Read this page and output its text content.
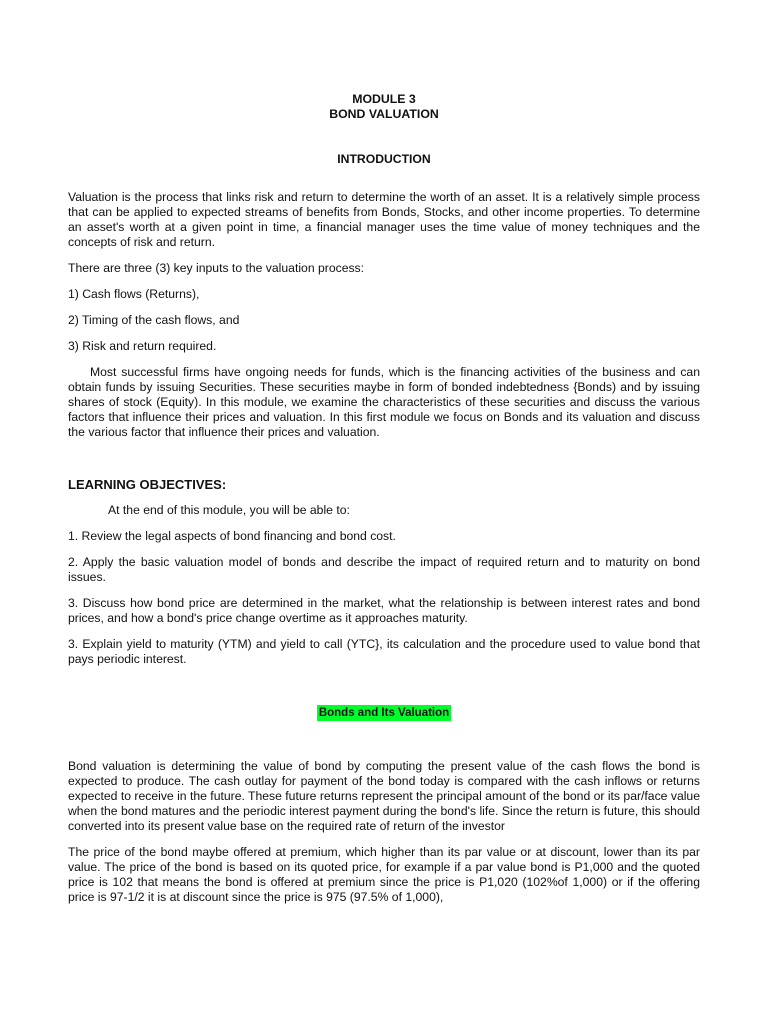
MODULE 3
BOND VALUATION
INTRODUCTION

Valuation is the process that links risk and return to determine the worth of an asset. It is a relatively simple process that can be applied to expected streams of benefits from Bonds, Stocks, and other income properties. To determine an asset's worth at a given point in time, a financial manager uses the time value of money techniques and the concepts of risk and return.

There are three (3) key inputs to the valuation process:

1) Cash flows (Returns),

2) Timing of the cash flows, and

3) Risk and return required.

Most successful firms have ongoing needs for funds, which is the financing activities of the business and can obtain funds by issuing Securities. These securities maybe in form of bonded indebtedness {Bonds) and by issuing shares of stock (Equity). In this module, we examine the characteristics of these securities and discuss the various factors that influence their prices and valuation. In this first module we focus on Bonds and its valuation and discuss the various factor that influence their prices and valuation.

LEARNING OBJECTIVES:

At the end of this module, you will be able to:

1. Review the legal aspects of bond financing and bond cost.

2. Apply the basic valuation model of bonds and describe the impact of required return and to maturity on bond issues.

3. Discuss how bond price are determined in the market, what the relationship is between interest rates and bond prices, and how a bond's price change overtime as it approaches maturity.

3. Explain yield to maturity (YTM) and yield to call (YTC}, its calculation and the procedure used to value bond that pays periodic interest.

Bonds and Its Valuation

Bond valuation is determining the value of bond by computing the present value of the cash flows the bond is expected to produce. The cash outlay for payment of the bond today is compared with the cash inflows or returns expected to receive in the future. These future returns represent the principal amount of the bond or its par/face value when the bond matures and the periodic interest payment during the bond's life. Since the return is future, this should converted into its present value base on the required rate of return of the investor

The price of the bond maybe offered at premium, which higher than its par value or at discount, lower than its par value. The price of the bond is based on its quoted price, for example if a par value bond is P1,000 and the quoted price is 102 that means the bond is offered at premium since the price is P1,020 (102%of 1,000) or if the offering price is 97-1/2 it is at discount since the price is 975 (97.5% of 1,000),
